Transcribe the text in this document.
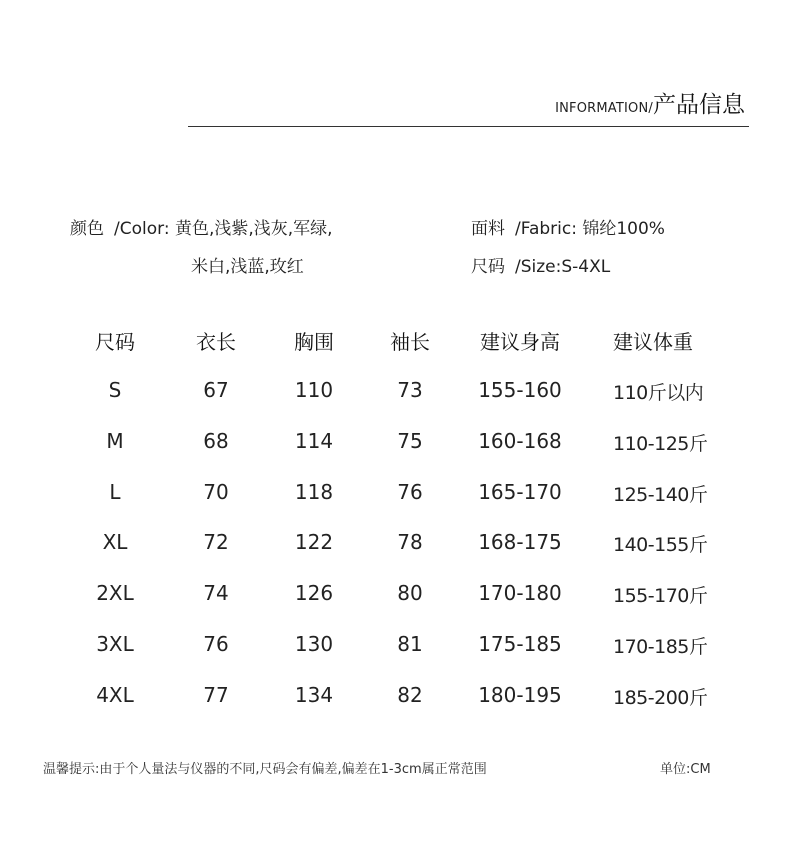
INFORMATION/产品信息
颜色 /Color: 黄色,浅紫,浅灰,军绿,
米白,浅蓝,玫红
面料 /Fabric: 锦纶100%
尺码 /Size:S-4XL
尺码	衣长	胸围	袖长	建议身高	建议体重
S	67	110	73	155-160	110斤以内
M	68	114	75	160-168	110-125斤
L	70	118	76	165-170	125-140斤
XL	72	122	78	168-175	140-155斤
2XL	74	126	80	170-180	155-170斤
3XL	76	130	81	175-185	170-185斤
4XL	77	134	82	180-195	185-200斤
温馨提示:由于个人量法与仪器的不同,尺码会有偏差,偏差在1-3cm属正常范围	单位:CM
